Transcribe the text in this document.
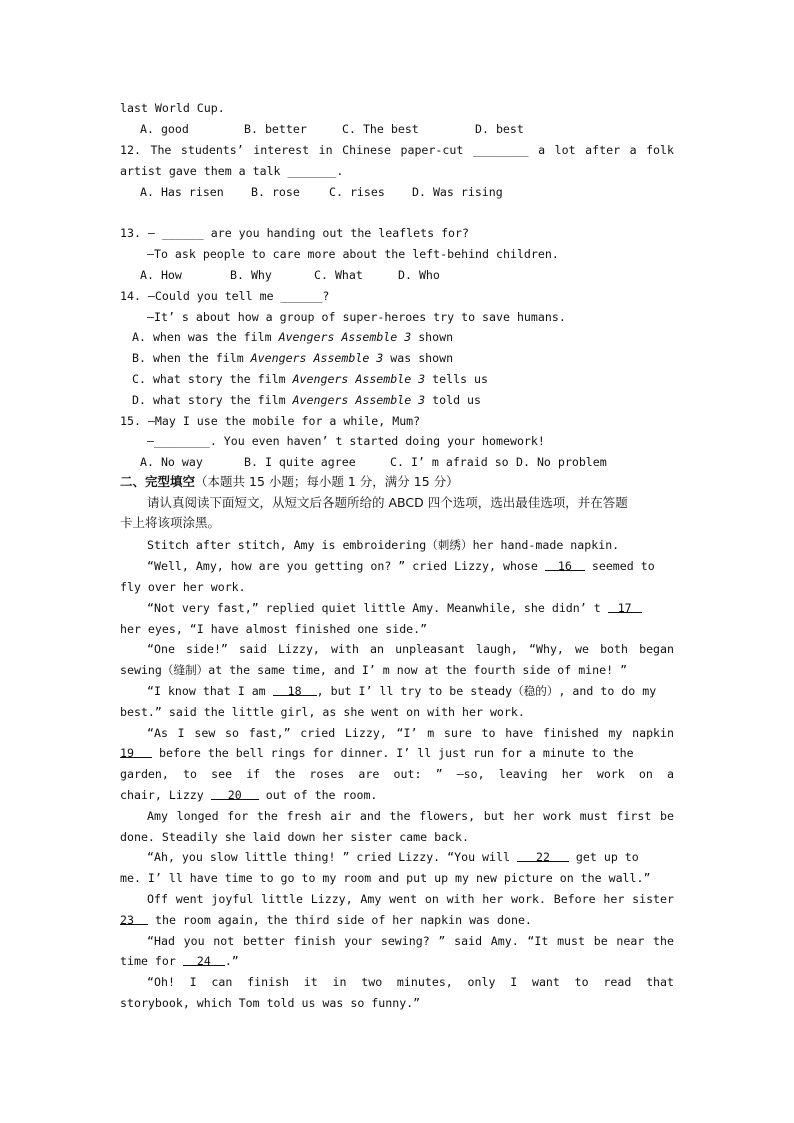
last World Cup.
A. good	B. better	C. The best	D. best
12. The students’ interest in Chinese paper-cut ________ a lot after a folk
artist gave them a talk _______.
A. Has risen B. rose	C. rises D. Was rising
13. — ______ are you handing out the leaflets for?
—To ask people to care more about the left-behind children.
A. How	B. Why	C. What	D. Who
14. —Could you tell me ______?
—It’ s about how a group of super-heroes try to save humans.
A. when was the film Avengers Assemble 3 shown
B. when the film Avengers Assemble 3 was shown
C. what story the film Avengers Assemble 3 tells us
D. what story the film Avengers Assemble 3 told us
15. —May I use the mobile for a while, Mum?
—________. You even haven’ t started doing your homework!
A. No way	B. I quite agree	C. I’ m afraid so D. No problem
二、完型填空（本题共 15 小题；每小题 1 分，满分 15 分）
请认真阅读下面短文，从短文后各题所给的 ABCD 四个选项，选出最佳选项，并在答题
卡上将该项涂黑。
Stitch after stitch, Amy is embroidering（刺绣）her hand-made napkin.
“Well, Amy, how are you getting on? ” cried Lizzy, whose 16 seemed to
fly over her work.
“Not very fast,” replied quiet little Amy. Meanwhile, she didn’ t 17
her eyes, “I have almost finished one side.”
“One side!” said Lizzy, with an unpleasant laugh, “Why, we both began
sewing（缝制）at the same time, and I’ m now at the fourth side of mine! ”
“I know that I am 18 , but I’ ll try to be steady（稳的）, and to do my
best.” said the little girl, as she went on with her work.
“As I sew so fast,” cried Lizzy, “I’ m sure to have finished my napkin
19 before the bell rings for dinner. I’ ll just run for a minute to the
garden, to see if the roses are out: ” —so, leaving her work on a
chair, Lizzy 20 out of the room.
Amy longed for the fresh air and the flowers, but her work must first be
done. Steadily she laid down her sister came back.
“Ah, you slow little thing! ” cried Lizzy. “You will 22 get up to
me. I’ ll have time to go to my room and put up my new picture on the wall.”
Off went joyful little Lizzy, Amy went on with her work. Before her sister
23 the room again, the third side of her napkin was done.
“Had you not better finish your sewing? ” said Amy. “It must be near the
time for 24 .”
“Oh! I can finish it in two minutes, only I want to read that
storybook, which Tom told us was so funny.”
